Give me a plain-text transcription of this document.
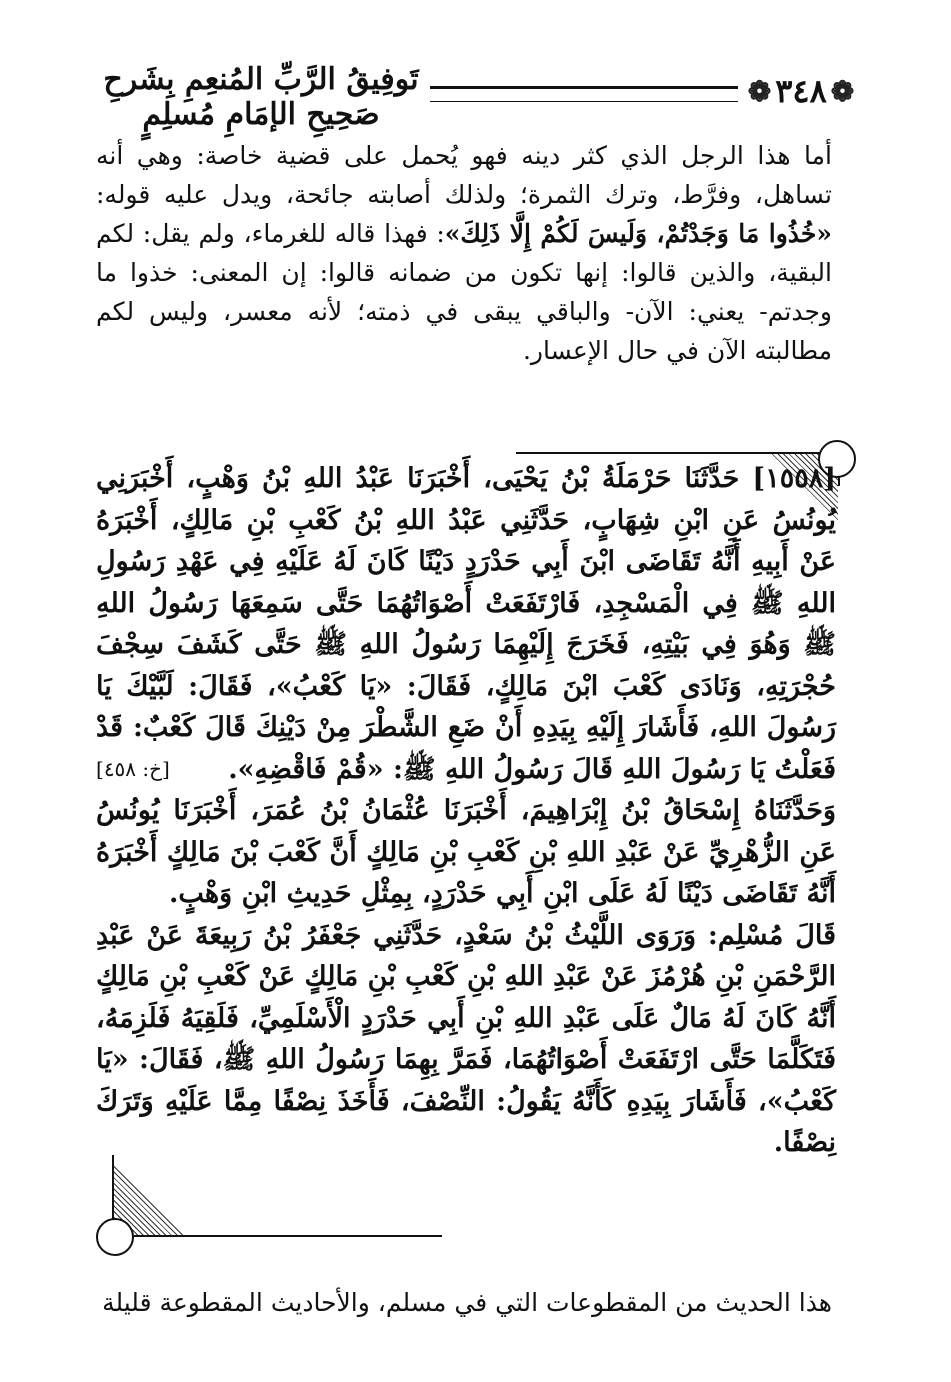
❁
٣٤٨
❁
تَوفِيقُ الرَّبِّ المُنعِمِ بِشَرحِ صَحِيحِ الإمَامِ مُسلِمٍ
أما هذا الرجل الذي كثر دينه فهو يُحمل على قضية خاصة: وهي أنه تساهل، وفرَّط، وترك الثمرة؛ ولذلك أصابته جائحة، ويدل عليه قوله: «خُذُوا مَا وَجَدْتُمْ، وَلَيسَ لَكُمْ إِلَّا ذَلِكَ»: فهذا قاله للغرماء، ولم يقل: لكم البقية، والذين قالوا: إنها تكون من ضمانه قالوا: إن المعنى: خذوا ما وجدتم- يعني: الآن- والباقي يبقى في ذمته؛ لأنه معسر، وليس لكم مطالبته الآن في حال الإعسار.

[١٥٥٨] حَدَّثَنَا حَرْمَلَةُ بْنُ يَحْيَى، أَخْبَرَنَا عَبْدُ اللهِ بْنُ وَهْبٍ، أَخْبَرَنِي يُونُسُ عَنِ ابْنِ شِهَابٍ، حَدَّثَنِي عَبْدُ اللهِ بْنُ كَعْبِ بْنِ مَالِكٍ، أَخْبَرَهُ عَنْ أَبِيهِ أَنَّهُ تَقَاضَى ابْنَ أَبِي حَدْرَدٍ دَيْنًا كَانَ لَهُ عَلَيْهِ فِي عَهْدِ رَسُولِ اللهِ ﷺ فِي الْمَسْجِدِ، فَارْتَفَعَتْ أَصْوَاتُهُمَا حَتَّى سَمِعَهَا رَسُولُ اللهِ ﷺ وَهُوَ فِي بَيْتِهِ، فَخَرَجَ إِلَيْهِمَا رَسُولُ اللهِ ﷺ حَتَّى كَشَفَ سِجْفَ حُجْرَتِهِ، وَنَادَى كَعْبَ ابْنَ مَالِكٍ، فَقَالَ: «يَا كَعْبُ»، فَقَالَ: لَبَّيْكَ يَا رَسُولَ اللهِ، فَأَشَارَ إِلَيْهِ بِيَدِهِ أَنْ ضَعِ الشَّطْرَ مِنْ دَيْنِكَ قَالَ كَعْبٌ: قَدْ فَعَلْتُ يَا رَسُولَ اللهِ قَالَ رَسُولُ اللهِ ﷺ: «قُمْ فَاقْضِهِ».
[خ: ٤٥٨]

وَحَدَّثَنَاهُ إِسْحَاقُ بْنُ إِبْرَاهِيمَ، أَخْبَرَنَا عُثْمَانُ بْنُ عُمَرَ، أَخْبَرَنَا يُونُسُ عَنِ الزُّهْرِيِّ عَنْ عَبْدِ اللهِ بْنِ كَعْبِ بْنِ مَالِكٍ أَنَّ كَعْبَ بْنَ مَالِكٍ أَخْبَرَهُ أَنَّهُ تَقَاضَى دَيْنًا لَهُ عَلَى ابْنِ أَبِي حَدْرَدٍ، بِمِثْلِ حَدِيثِ ابْنِ وَهْبٍ.

قَالَ مُسْلِم: وَرَوَى اللَّيْثُ بْنُ سَعْدٍ، حَدَّثَنِي جَعْفَرُ بْنُ رَبِيعَةَ عَنْ عَبْدِ الرَّحْمَنِ بْنِ هُرْمُزَ عَنْ عَبْدِ اللهِ بْنِ كَعْبِ بْنِ مَالِكٍ عَنْ كَعْبِ بْنِ مَالِكٍ أَنَّهُ كَانَ لَهُ مَالٌ عَلَى عَبْدِ اللهِ بْنِ أَبِي حَدْرَدٍ الْأَسْلَمِيِّ، فَلَقِيَهُ فَلَزِمَهُ، فَتَكَلَّمَا حَتَّى ارْتَفَعَتْ أَصْوَاتُهُمَا، فَمَرَّ بِهِمَا رَسُولُ اللهِ ﷺ، فَقَالَ: «يَا كَعْبُ»، فَأَشَارَ بِيَدِهِ كَأَنَّهُ يَقُولُ: النِّصْفَ، فَأَخَذَ نِصْفًا مِمَّا عَلَيْهِ وَتَرَكَ نِصْفًا.

هذا الحديث من المقطوعات التي في مسلم، والأحاديث المقطوعة قليلة
